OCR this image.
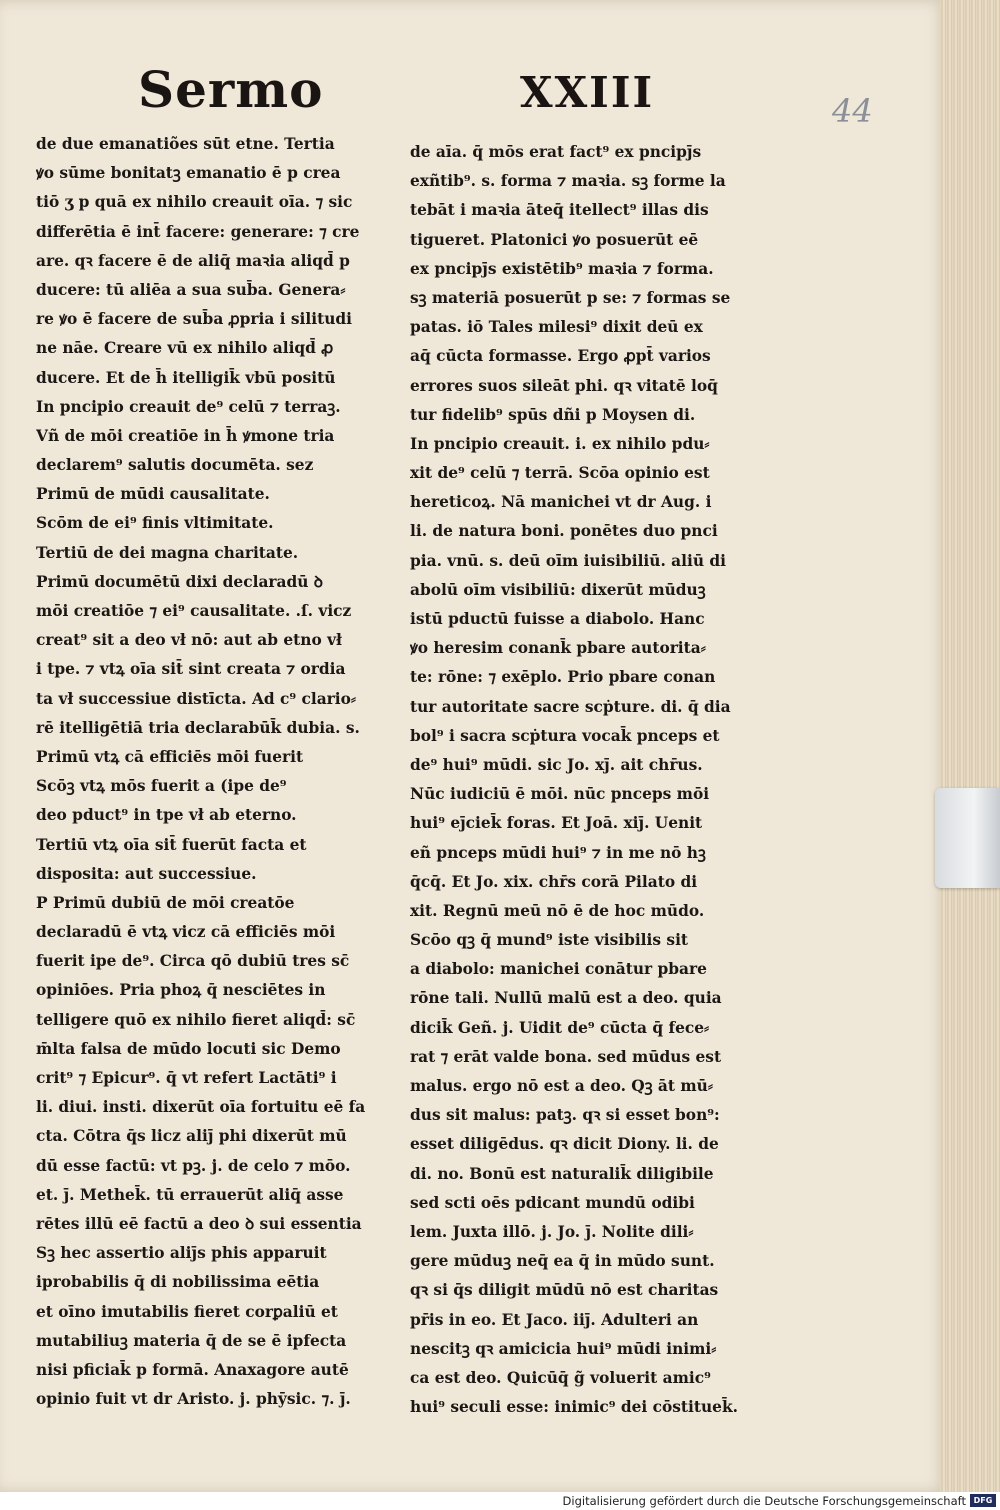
Sermo	XXIII	44
de due emanatiões sūt etne. Tertia
ꝟo sūme bonitatꝫ emanatio ē p crea
tiō ʒ p quā ex nihilo creauit oīa. ⁊ sic
differētia ē int̄ facere: generare: ⁊ cre
are. qꝛ facere ē de aliq̄ maꝛia aliqd̄ p
ducere: tū aliēa a sua sub̄a. Genera⸗
re ꝟo ē facere de sub̄a ꝓpria i silitudi
ne nāe. Creare vū ex nihilo aliqd̄ ꝓ
ducere. Et de h̄ itelligik̄ vbū positū
In pncipio creauit de⁹ celū ⁊ terraꝫ.
Vñ de mōi creatiōe in h̄ ꝟmone tria
declarem⁹ salutis documēta. sez
Primū de mūdi causalitate.
Scōm de ei⁹ finis vltimitate.
Tertiū de dei magna charitate.
Primū documētū dixi declaradū ꝺ
mōi creatiōe ⁊ ei⁹ causalitate. .ſ. vicz
creat⁹ sit a deo vł nō: aut ab etno vł
i tpe. ⁊ vtꝝ oīa sit̄ sint creata ⁊ ordia
ta vł successiue distīcta. Ad c⁹ clario⸗
rē itelligētiā tria declarabūk̄ dubia. s.
Primū vtꝝ cā efficiēs mōi fuerit
Scōꝫ vtꝝ mōs fuerit a (ipe de⁹
deo pduct⁹ in tpe vł ab eterno.
Tertiū vtꝝ oīa sit̄ fuerūt facta et
disposita: aut successiue.
P Primū dubiū de mōi creatōe
declaradū ē vtꝝ vicz cā efficiēs mōi
fuerit ipe de⁹. Circa qō dubiū tres sc̄
opiniōes. Pria phoꝝ q̄ nesciētes in
telligere quō ex nihilo fieret aliqd̄: sc̄
m̄lta falsa de mūdo locuti sic Demo
crit⁹ ⁊ Epicur⁹. q̄ vt refert Lactāti⁹ i
li. diui. insti. dixerūt oīa fortuitu eē fa
cta. Cōtra q̄s licz aliȷ̄ phi dixerūt mū
dū esse factū: vt pꝫ. j. de celo ⁊ mōo.
et. ȷ̄. Methek̄. tū errauerūt aliq̄ asse
rētes illū eē factū a deo ꝺ sui essentia
Sꝫ hec assertio aliȷ̄s phis apparuit
iprobabilis q̄ di nobilissima eētia
et oīno imutabilis fieret corꝑaliū et
mutabiliuꝫ materia q̄ de se ē ipfecta
nisi pficiak̄ p formā. Anaxagore autē
opinio fuit vt dr Aristo. j. phȳsic. ⁊. ȷ̄.
de aīa. q̄ mōs erat fact⁹ ex pncipȷ̄s
exñtib⁹. s. forma ⁊ maꝛia. sꝫ forme la
tebāt i maꝛia āteq̄ itellect⁹ illas dis
tigueret. Platonici ꝟo posuerūt eē
ex pncipȷ̄s existētib⁹ maꝛia ⁊ forma.
sꝫ materiā posuerūt p se: ⁊ formas se
patas. iō Tales milesi⁹ dixit deū ex
aq̄ cūcta formasse. Ergo ꝓpt̄ varios
errores suos sileāt phi. qꝛ vitatē loq̄
tur fidelib⁹ spūs dñi p Moysen di.
In pncipio creauit. i. ex nihilo pdu⸗
xit de⁹ celū ⁊ terrā. Scōa opinio est
hereticoꝝ. Nā manichei vt dr Aug. i
li. de natura boni. ponētes duo pnci
pia. vnū. s. deū oīm iuisibiliū. aliū di
abolū oīm visibiliū: dixerūt mūduꝫ
istū pductū fuisse a diabolo. Hanc
ꝟo heresim conank̄ pbare autorita⸗
te: rōne: ⁊ exēplo. Prio pbare conan
tur autoritate sacre scṗture. di. q̄ dia
bol⁹ i sacra scṗtura vocak̄ pnceps et
de⁹ hui⁹ mūdi. sic Jo. xȷ̄. ait chr̄us.
Nūc iudiciū ē mōi. nūc pnceps mōi
hui⁹ eȷ̄ciek̄ foras. Et Joā. xiȷ̄. Uenit
eñ pnceps mūdi hui⁹ ⁊ in me nō hꝫ
q̄cq̄. Et Jo. xix. chr̄s corā Pilato di
xit. Regnū meū nō ē de hoc mūdo.
Scōo qꝫ q̄ mund⁹ iste visibilis sit
a diabolo: manichei conātur pbare
rōne tali. Nullū malū est a deo. quia
dicik̄ Geñ. j. Uidit de⁹ cūcta q̄ fece⸗
rat ⁊ erāt valde bona. sed mūdus est
malus. ergo nō est a deo. Qꝫ āt mū⸗
dus sit malus: patꝫ. qꝛ si esset bon⁹:
esset diligēdus. qꝛ dicit Diony. li. de
di. no. Bonū est naturalik̄ diligibile
sed scti oēs pdicant mundū odibi
lem. Juxta illō. j. Jo. ȷ̄. Nolite dili⸗
gere mūduꝫ neq̄ ea q̄ in mūdo sunt.
qꝛ si q̄s diligit mūdū nō est charitas
pr̄is in eo. Et Jaco. iiȷ̄. Adulteri an
nescitꝫ qꝛ amicicia hui⁹ mūdi inimi⸗
ca est deo. Quicūq̄ g̃ voluerit amic⁹
hui⁹ seculi esse: inimic⁹ dei cōstituek̄.
Digitalisierung gefördert durch die Deutsche Forschungsgemeinschaft DFG
